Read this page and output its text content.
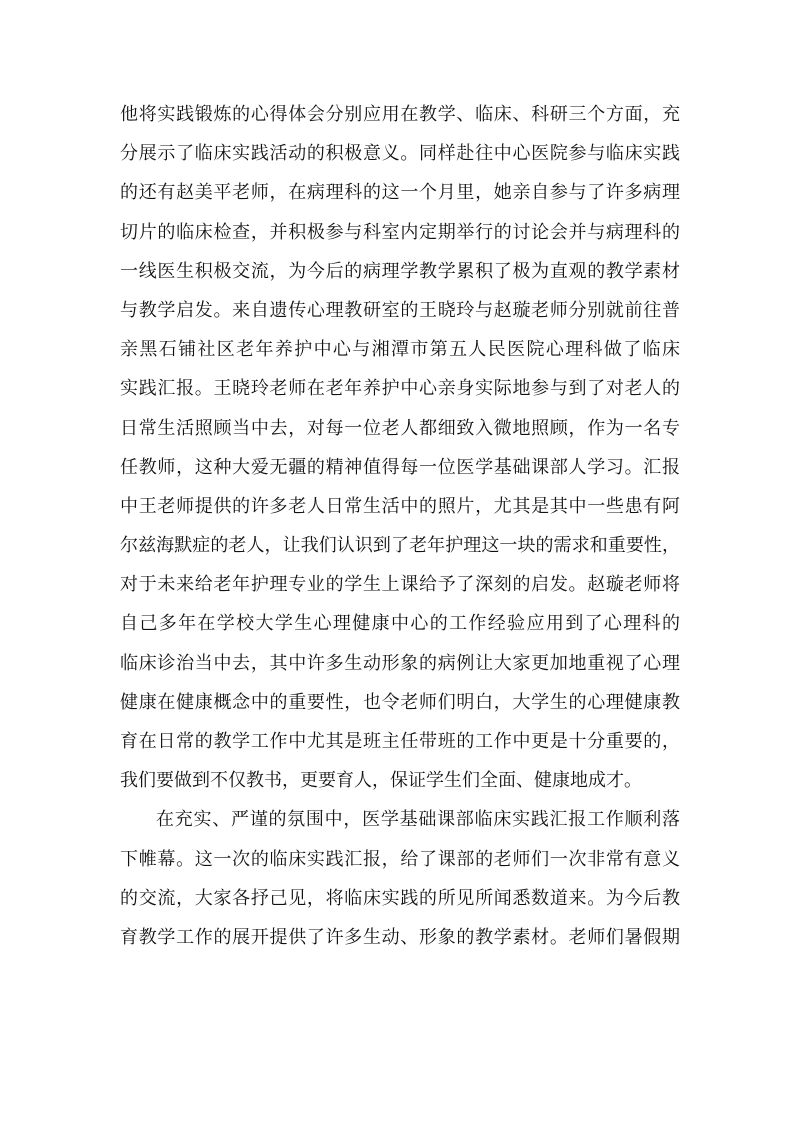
他将实践锻炼的心得体会分别应用在教学、临床、科研三个方面，充
分展示了临床实践活动的积极意义。同样赴往中心医院参与临床实践
的还有赵美平老师，在病理科的这一个月里，她亲自参与了许多病理
切片的临床检查，并积极参与科室内定期举行的讨论会并与病理科的
一线医生积极交流，为今后的病理学教学累积了极为直观的教学素材
与教学启发。来自遗传心理教研室的王晓玲与赵璇老师分别就前往普
亲黑石铺社区老年养护中心与湘潭市第五人民医院心理科做了临床
实践汇报。王晓玲老师在老年养护中心亲身实际地参与到了对老人的
日常生活照顾当中去，对每一位老人都细致入微地照顾，作为一名专
任教师，这种大爱无疆的精神值得每一位医学基础课部人学习。汇报
中王老师提供的许多老人日常生活中的照片，尤其是其中一些患有阿
尔兹海默症的老人，让我们认识到了老年护理这一块的需求和重要性，
对于未来给老年护理专业的学生上课给予了深刻的启发。赵璇老师将
自己多年在学校大学生心理健康中心的工作经验应用到了心理科的
临床诊治当中去，其中许多生动形象的病例让大家更加地重视了心理
健康在健康概念中的重要性，也令老师们明白，大学生的心理健康教
育在日常的教学工作中尤其是班主任带班的工作中更是十分重要的，
我们要做到不仅教书，更要育人，保证学生们全面、健康地成才。
在充实、严谨的氛围中，医学基础课部临床实践汇报工作顺利落
下帷幕。这一次的临床实践汇报，给了课部的老师们一次非常有意义
的交流，大家各抒己见，将临床实践的所见所闻悉数道来。为今后教
育教学工作的展开提供了许多生动、形象的教学素材。老师们暑假期
